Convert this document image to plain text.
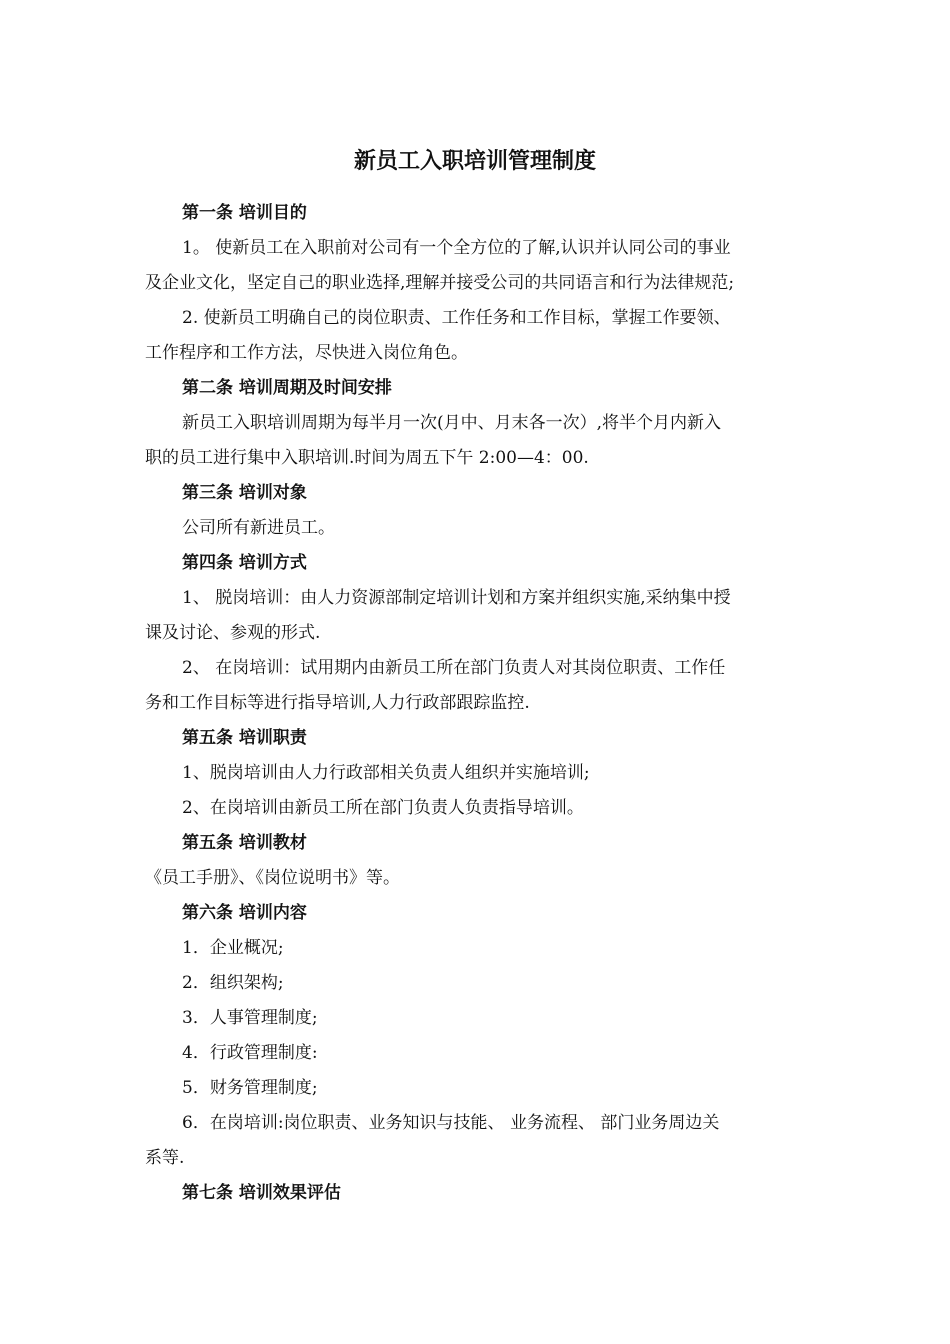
新员工入职培训管理制度
第一条 培训目的
1。 使新员工在入职前对公司有一个全方位的了解,认识并认同公司的事业
及企业文化，坚定自己的职业选择,理解并接受公司的共同语言和行为法律规范;
2. 使新员工明确自己的岗位职责、工作任务和工作目标，掌握工作要领、
工作程序和工作方法，尽快进入岗位角色。
第二条 培训周期及时间安排
新员工入职培训周期为每半月一次(月中、月末各一次）,将半个月内新入
职的员工进行集中入职培训.时间为周五下午 2:00—4：00.
第三条 培训对象
公司所有新进员工。
第四条 培训方式
1、 脱岗培训：由人力资源部制定培训计划和方案并组织实施,采纳集中授
课及讨论、参观的形式.
2、 在岗培训：试用期内由新员工所在部门负责人对其岗位职责、工作任
务和工作目标等进行指导培训,人力行政部跟踪监控.
第五条 培训职责
1、脱岗培训由人力行政部相关负责人组织并实施培训;
2、在岗培训由新员工所在部门负责人负责指导培训。
第五条 培训教材
《员工手册》、《岗位说明书》等。
第六条 培训内容
1．企业概况;
2．组织架构;
3．人事管理制度;
4．行政管理制度:
5．财务管理制度;
6．在岗培训:岗位职责、业务知识与技能、 业务流程、 部门业务周边关
系等.
第七条 培训效果评估
